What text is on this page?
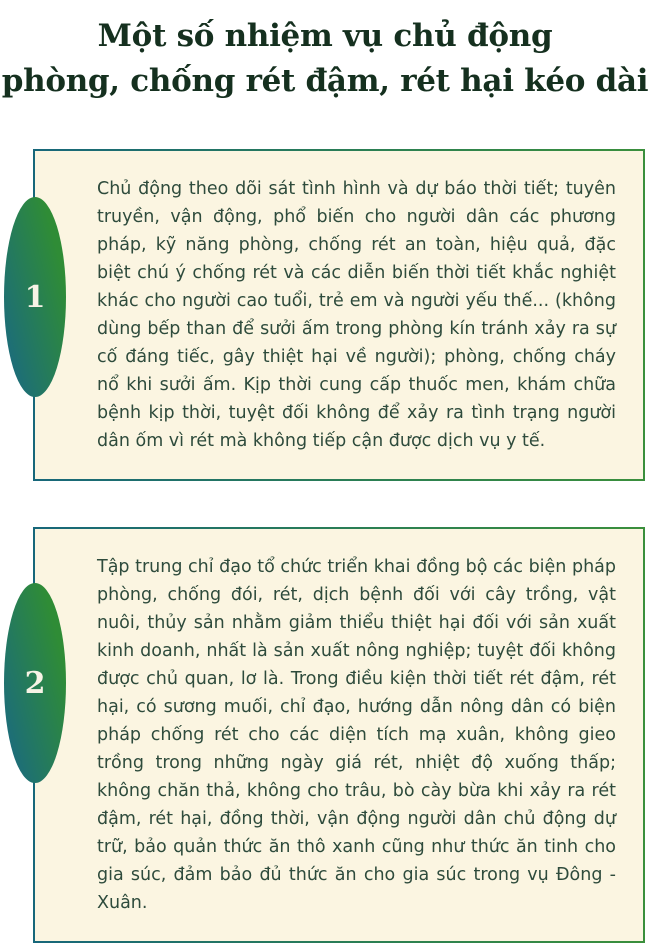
Một số nhiệm vụ chủ động
phòng, chống rét đậm, rét hại kéo dài
1
Chủ động theo dõi sát tình hình và dự báo thời tiết; tuyên truyền, vận động, phổ biến cho người dân các phương pháp, kỹ năng phòng, chống rét an toàn, hiệu quả, đặc biệt chú ý chống rét và các diễn biến thời tiết khắc nghiệt khác cho người cao tuổi, trẻ em và người yếu thế... (không dùng bếp than để sưởi ấm trong phòng kín tránh xảy ra sự cố đáng tiếc, gây thiệt hại về người); phòng, chống cháy nổ khi sưởi ấm. Kịp thời cung cấp thuốc men, khám chữa bệnh kịp thời, tuyệt đối không để xảy ra tình trạng người dân ốm vì rét mà không tiếp cận được dịch vụ y tế.
2
Tập trung chỉ đạo tổ chức triển khai đồng bộ các biện pháp phòng, chống đói, rét, dịch bệnh đối với cây trồng, vật nuôi, thủy sản nhằm giảm thiểu thiệt hại đối với sản xuất kinh doanh, nhất là sản xuất nông nghiệp; tuyệt đối không được chủ quan, lơ là. Trong điều kiện thời tiết rét đậm, rét hại, có sương muối, chỉ đạo, hướng dẫn nông dân có biện pháp chống rét cho các diện tích mạ xuân, không gieo trồng trong những ngày giá rét, nhiệt độ xuống thấp; không chăn thả, không cho trâu, bò cày bừa khi xảy ra rét đậm, rét hại, đồng thời, vận động người dân chủ động dự trữ, bảo quản thức ăn thô xanh cũng như thức ăn tinh cho gia súc, đảm bảo đủ thức ăn cho gia súc trong vụ Đông - Xuân.
